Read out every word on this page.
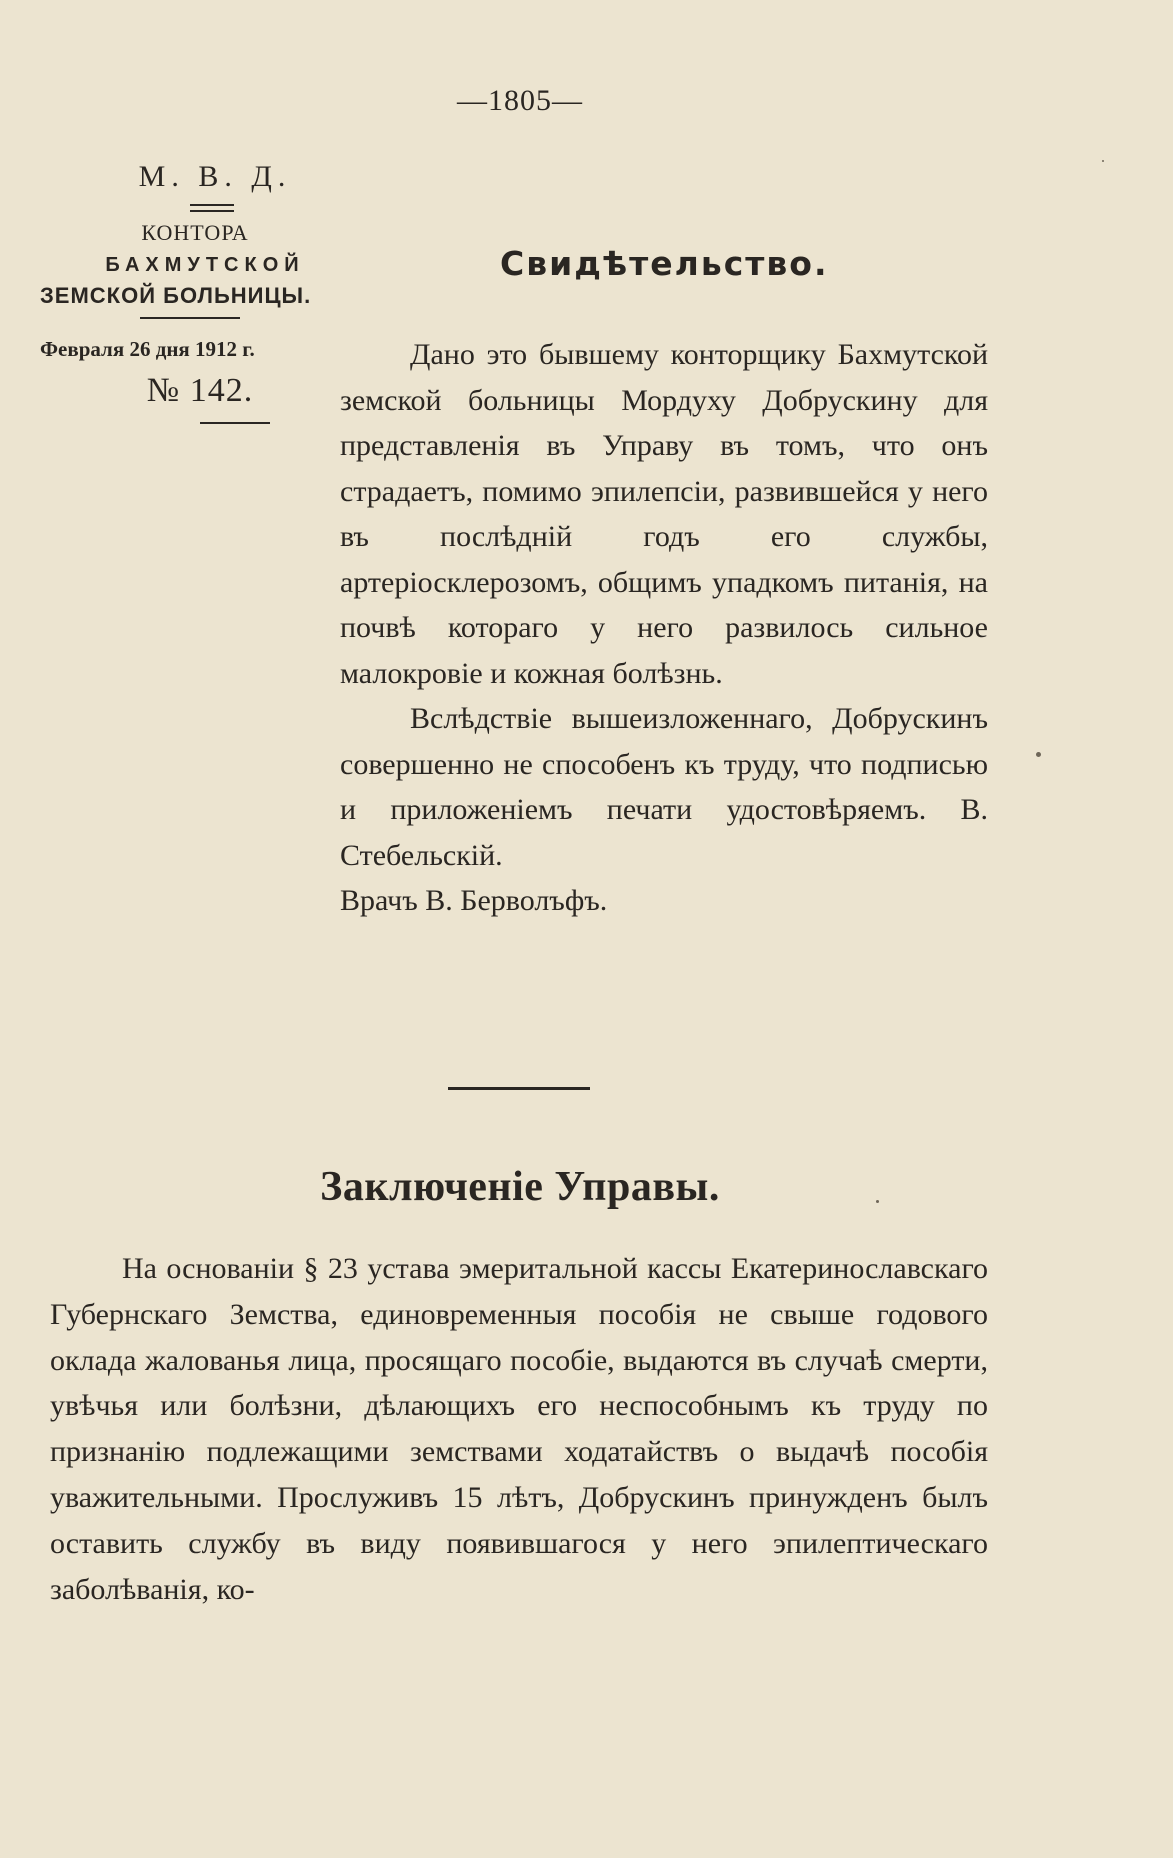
—1805—
М. В. Д.
КОНТОРА
БАХМУТСКОЙ
ЗЕМСКОЙ БОЛЬНИЦЫ.
Февраля 26 дня 1912 г.
№ 142.
Свидѣтельство.

Дано это бывшему конторщику Бахмутской земской больницы Мордуху Добрускину для представленія въ Управу въ томъ, что онъ страдаетъ, помимо эпилепсіи, развившейся у него въ послѣдній годъ его службы, артеріосклерозомъ, общимъ упадкомъ питанія, на почвѣ котораго у него развилось сильное малокровіе и кожная болѣзнь.

Вслѣдствіе вышеизложеннаго, Добрускинъ совершенно не способенъ къ труду, что подписью и приложеніемъ печати удостовѣряемъ. В. Стебельскій.

Врачъ В. Берволъфъ.

Заключеніе Управы.

На основаніи § 23 устава эмеритальной кассы Екатеринославскаго Губернскаго Земства, единовременныя пособія не свыше годового оклада жалованья лица, просящаго пособіе, выдаются въ случаѣ смерти, увѣчья или болѣзни, дѣлающихъ его неспособнымъ къ труду по признанію подлежащими земствами ходатайствъ о выдачѣ пособія уважительными. Прослуживъ 15 лѣтъ, Добрускинъ принужденъ былъ оставить службу въ виду появившагося у него эпилептическаго заболѣванія, ко-
